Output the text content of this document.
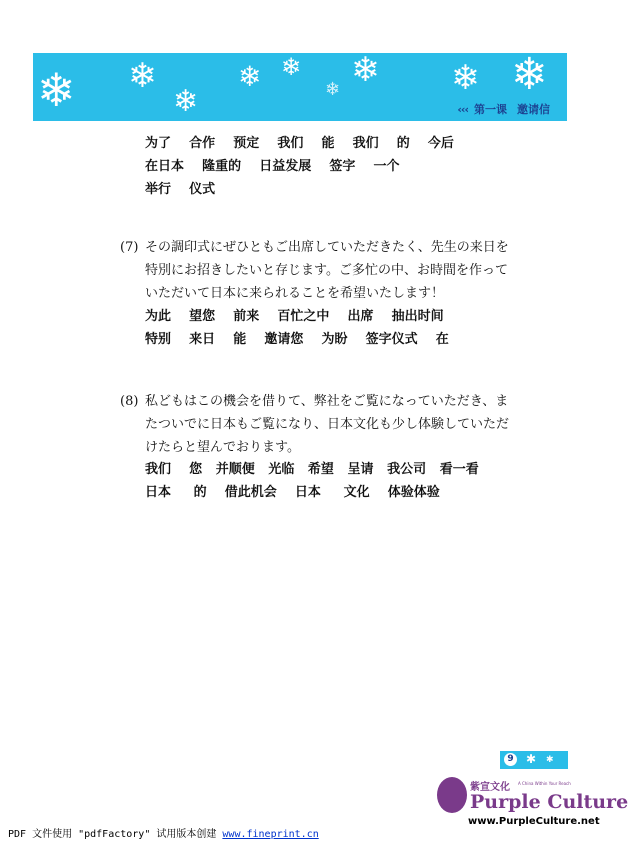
❄ ❄
❄
❄ ❄
❄ ❄ ❄ ❄
‹‹‹ 第一课 邀请信
为了 合作 预定 我们 能 我们 的 今后
在日本 隆重的 日益发展 签字 一个
举行 仪式
(7) その調印式にぜひともご出席していただきたく、先生の来日を
特別にお招きしたいと存じます。ご多忙の中、お時間を作って
いただいて日本に来られることを希望いたします！
为此 望您 前来 百忙之中 出席 抽出时间
特别 来日 能 邀请您 为盼 签字仪式 在
(8) 私どもはこの機会を借りて、弊社をご覧になっていただき、ま
たついでに日本もご覧になり、日本文化も少し体験していただ
けたらと望んでおります。
我们 您 并顺便 光临 希望 呈请 我公司 看一看
日本 的 借此机会 日本 文化 体验体验
✱ ✱
9
紫宣文化 A China Within Your Reach
Purple Culture
www.PurpleCulture.net
PDF 文件使用 "pdfFactory" 试用版本创建 www.fineprint.cn
